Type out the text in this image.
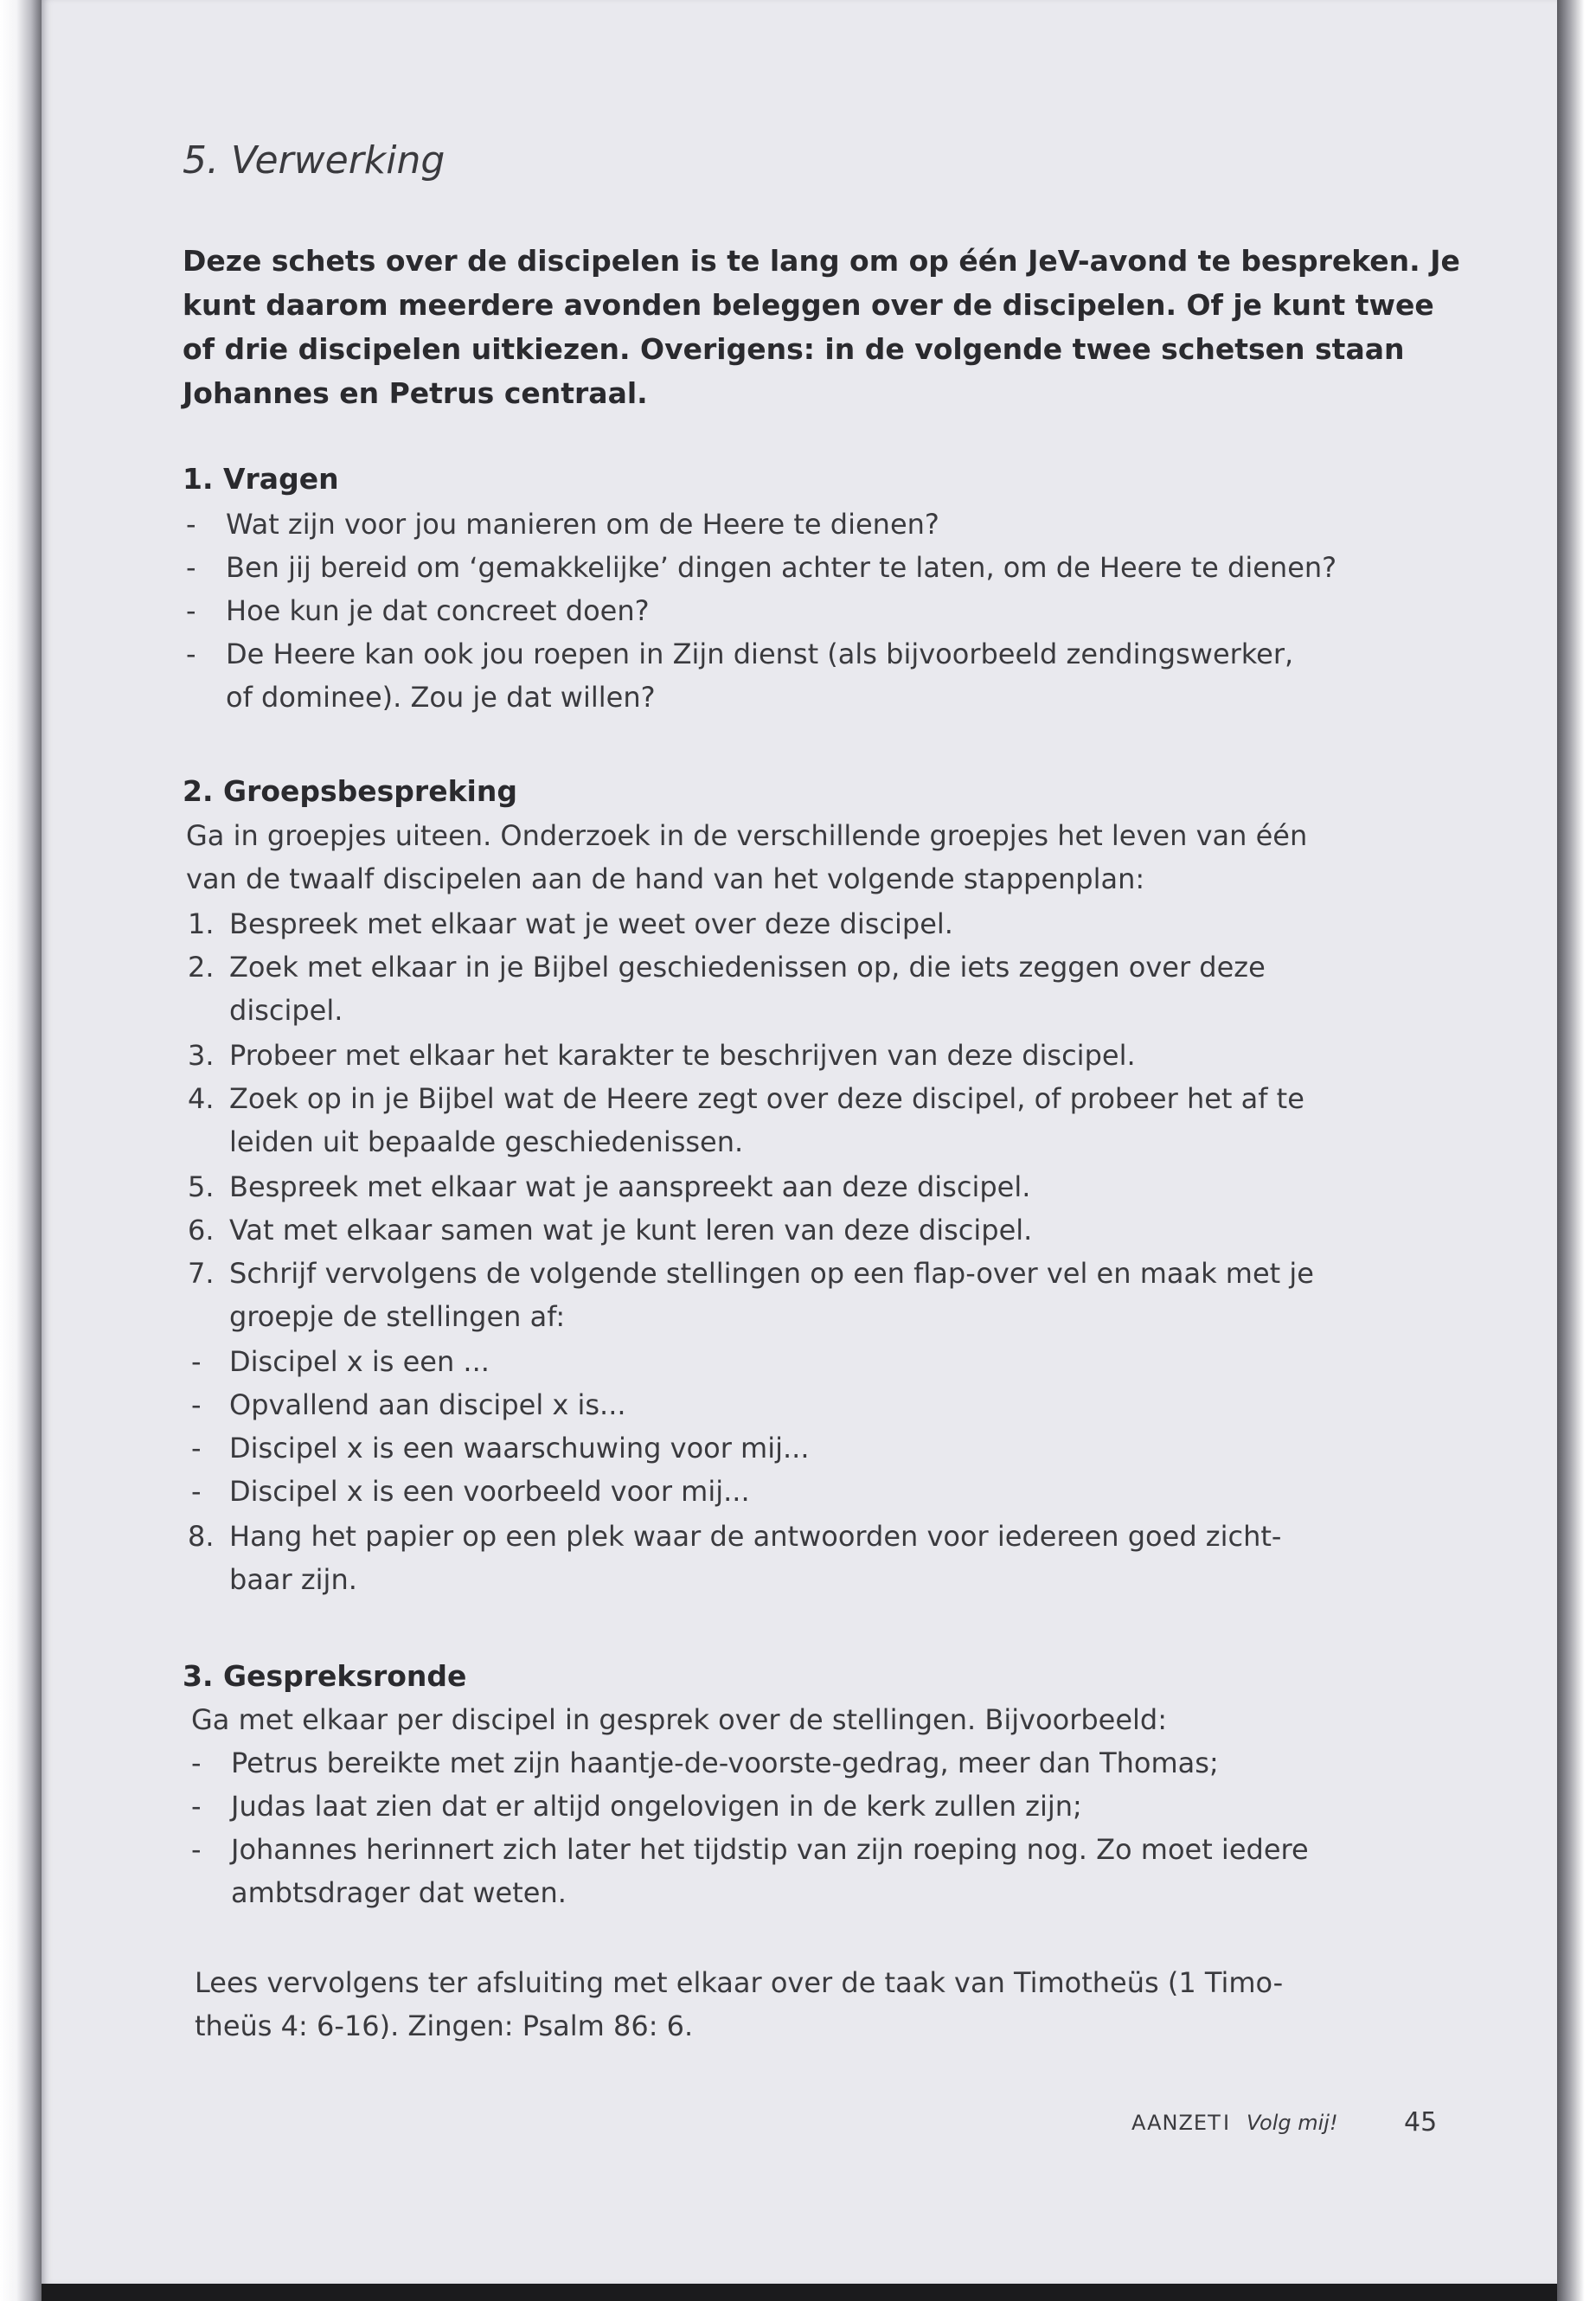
5. Verwerking
Deze schets over de discipelen is te lang om op één JeV-avond te bespreken. Je
kunt daarom meerdere avonden beleggen over de discipelen. Of je kunt twee
of drie discipelen uitkiezen. Overigens: in de volgende twee schetsen staan
Johannes en Petrus centraal.
1. Vragen
- Wat zijn voor jou manieren om de Heere te dienen?
- Ben jij bereid om ‘gemakkelijke’ dingen achter te laten, om de Heere te dienen?
- Hoe kun je dat concreet doen?
- De Heere kan ook jou roepen in Zijn dienst (als bijvoorbeeld zendingswerker,
of dominee). Zou je dat willen?
2. Groepsbespreking
Ga in groepjes uiteen. Onderzoek in de verschillende groepjes het leven van één
van de twaalf discipelen aan de hand van het volgende stappenplan:
1. Bespreek met elkaar wat je weet over deze discipel.
2. Zoek met elkaar in je Bijbel geschiedenissen op, die iets zeggen over deze
discipel.
3. Probeer met elkaar het karakter te beschrijven van deze discipel.
4. Zoek op in je Bijbel wat de Heere zegt over deze discipel, of probeer het af te
leiden uit bepaalde geschiedenissen.
5. Bespreek met elkaar wat je aanspreekt aan deze discipel.
6. Vat met elkaar samen wat je kunt leren van deze discipel.
7. Schrijf vervolgens de volgende stellingen op een flap-over vel en maak met je
groepje de stellingen af:
- Discipel x is een ...
- Opvallend aan discipel x is...
- Discipel x is een waarschuwing voor mij...
- Discipel x is een voorbeeld voor mij...
8. Hang het papier op een plek waar de antwoorden voor iedereen goed zicht-
baar zijn.
3. Gespreksronde
Ga met elkaar per discipel in gesprek over de stellingen. Bijvoorbeeld:
- Petrus bereikte met zijn haantje-de-voorste-gedrag, meer dan Thomas;
- Judas laat zien dat er altijd ongelovigen in de kerk zullen zijn;
- Johannes herinnert zich later het tijdstip van zijn roeping nog. Zo moet iedere
ambtsdrager dat weten.
Lees vervolgens ter afsluiting met elkaar over de taak van Timotheüs (1 Timo-
theüs 4: 6-16). Zingen: Psalm 86: 6.
AANZET I Volg mij!	45
